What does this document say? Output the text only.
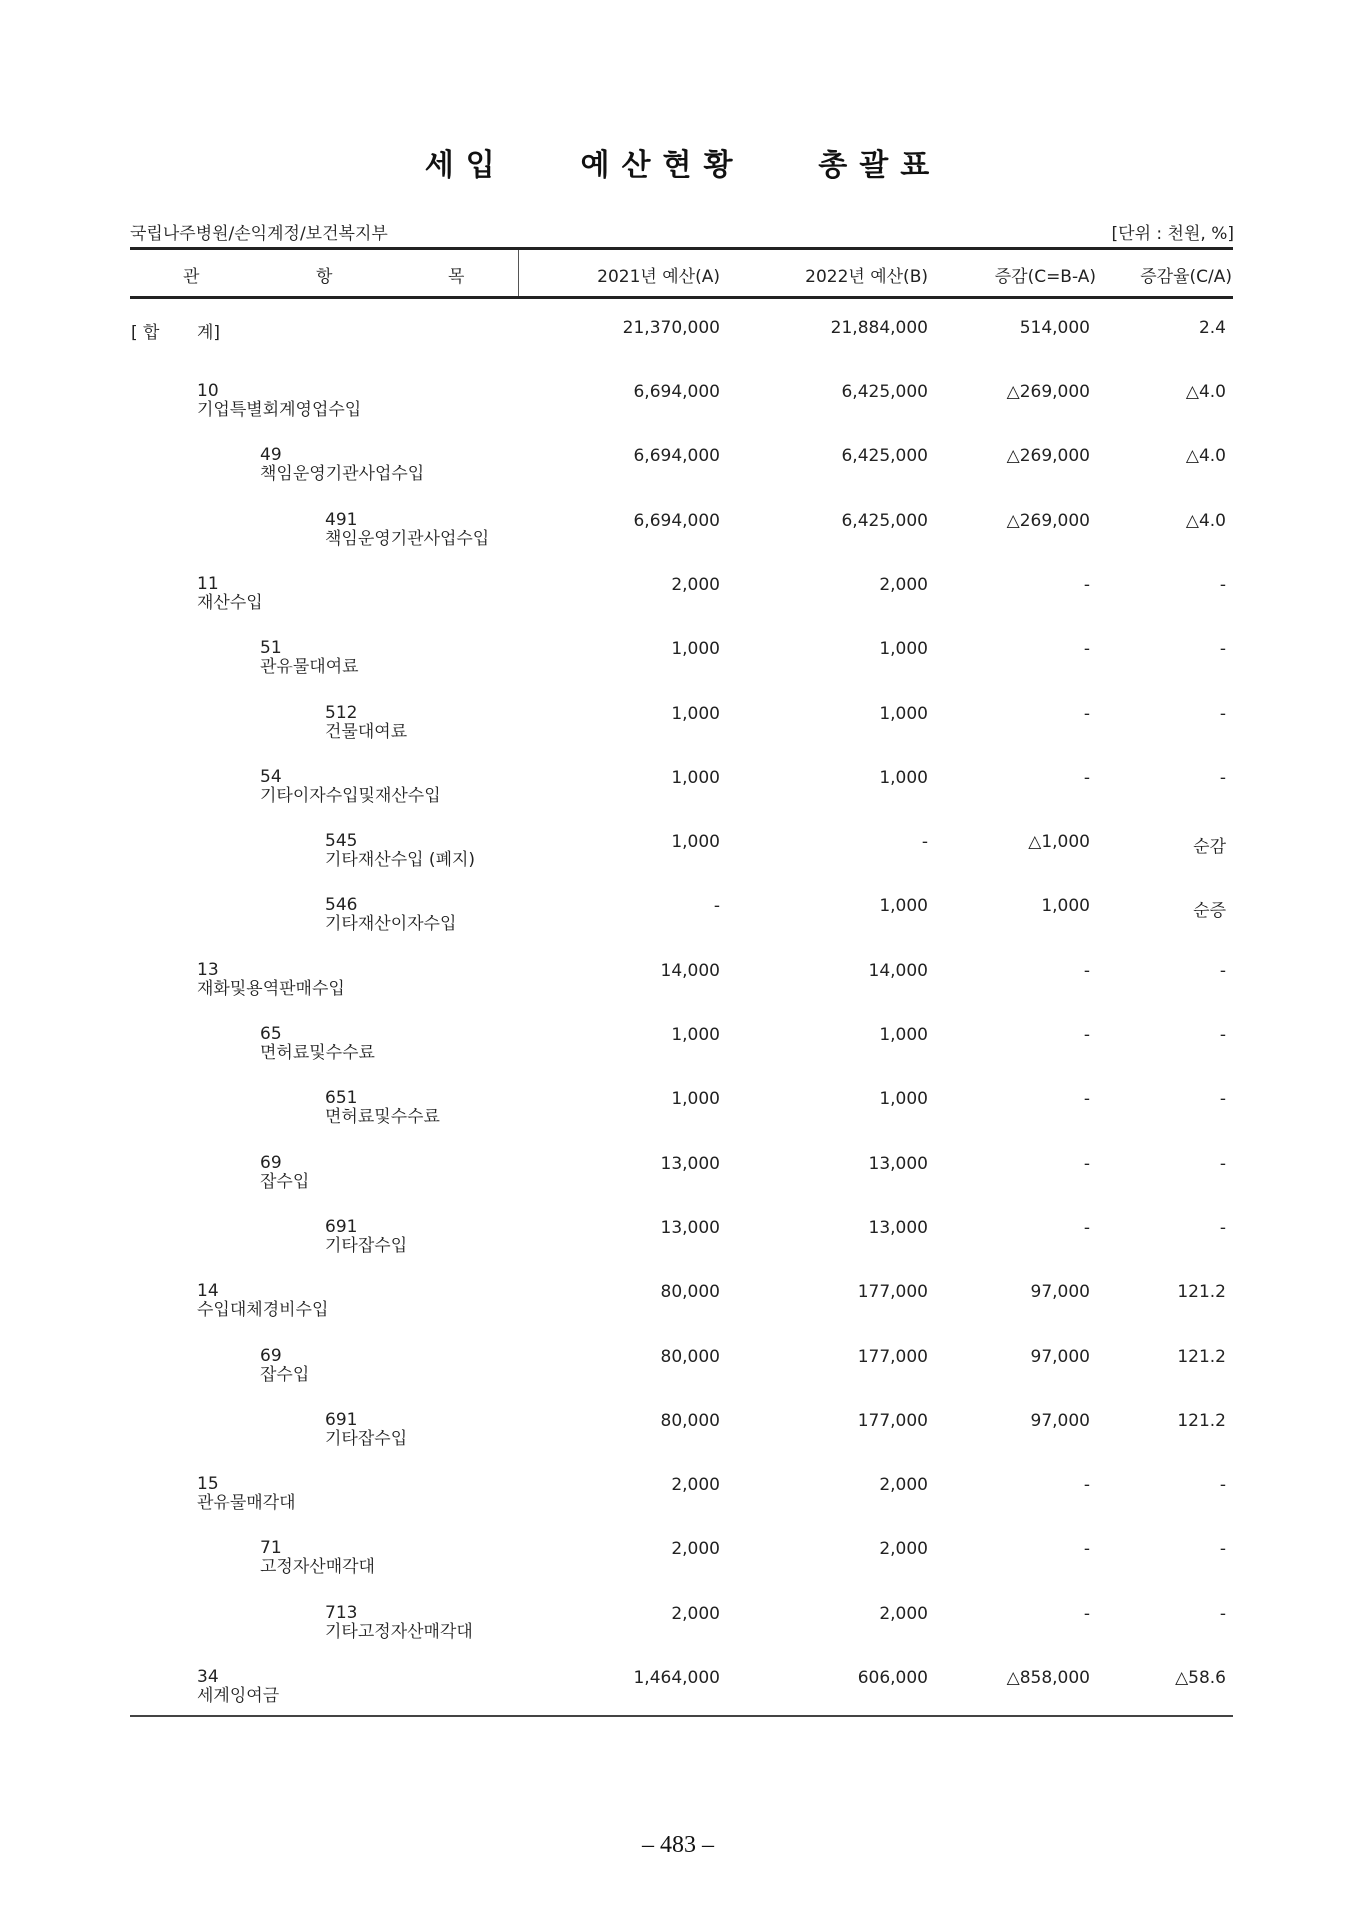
세 입	예 산 현 황	총 괄 표
국립나주병원/손익계정/보건복지부	[단위 : 천원, %]
관	항	목	2021년 예산(A)	2022년 예산(B)	증감(C=B-A)	증감율(C/A)
[ 합 계]	21,370,000	21,884,000	514,000	2.4
10
기업특별회계영업수입
6,694,000	6,425,000	△269,000	△4.0
49
책임운영기관사업수입
6,694,000	6,425,000	△269,000	△4.0
491
책임운영기관사업수입
6,694,000	6,425,000	△269,000	△4.0
11
재산수입
2,000	2,000	-	-
51
관유물대여료
1,000	1,000	-	-
512
건물대여료
1,000	1,000	-	-
54
기타이자수입및재산수입
1,000	1,000	-	-
545
기타재산수입 (폐지)
1,000	-	△1,000	순감
546
기타재산이자수입
-	1,000	1,000	순증
13
재화및용역판매수입
14,000	14,000	-	-
65
면허료및수수료
1,000	1,000	-	-
651
면허료및수수료
1,000	1,000	-	-
69
잡수입
13,000	13,000	-	-
691
기타잡수입
13,000	13,000	-	-
14
수입대체경비수입
80,000	177,000	97,000	121.2
69
잡수입
80,000	177,000	97,000	121.2
691
기타잡수입
80,000	177,000	97,000	121.2
15
관유물매각대
2,000	2,000	-	-
71
고정자산매각대
2,000	2,000	-	-
713
기타고정자산매각대
2,000	2,000	-	-
34
세계잉여금
1,464,000	606,000	△858,000	△58.6
– 483 –
